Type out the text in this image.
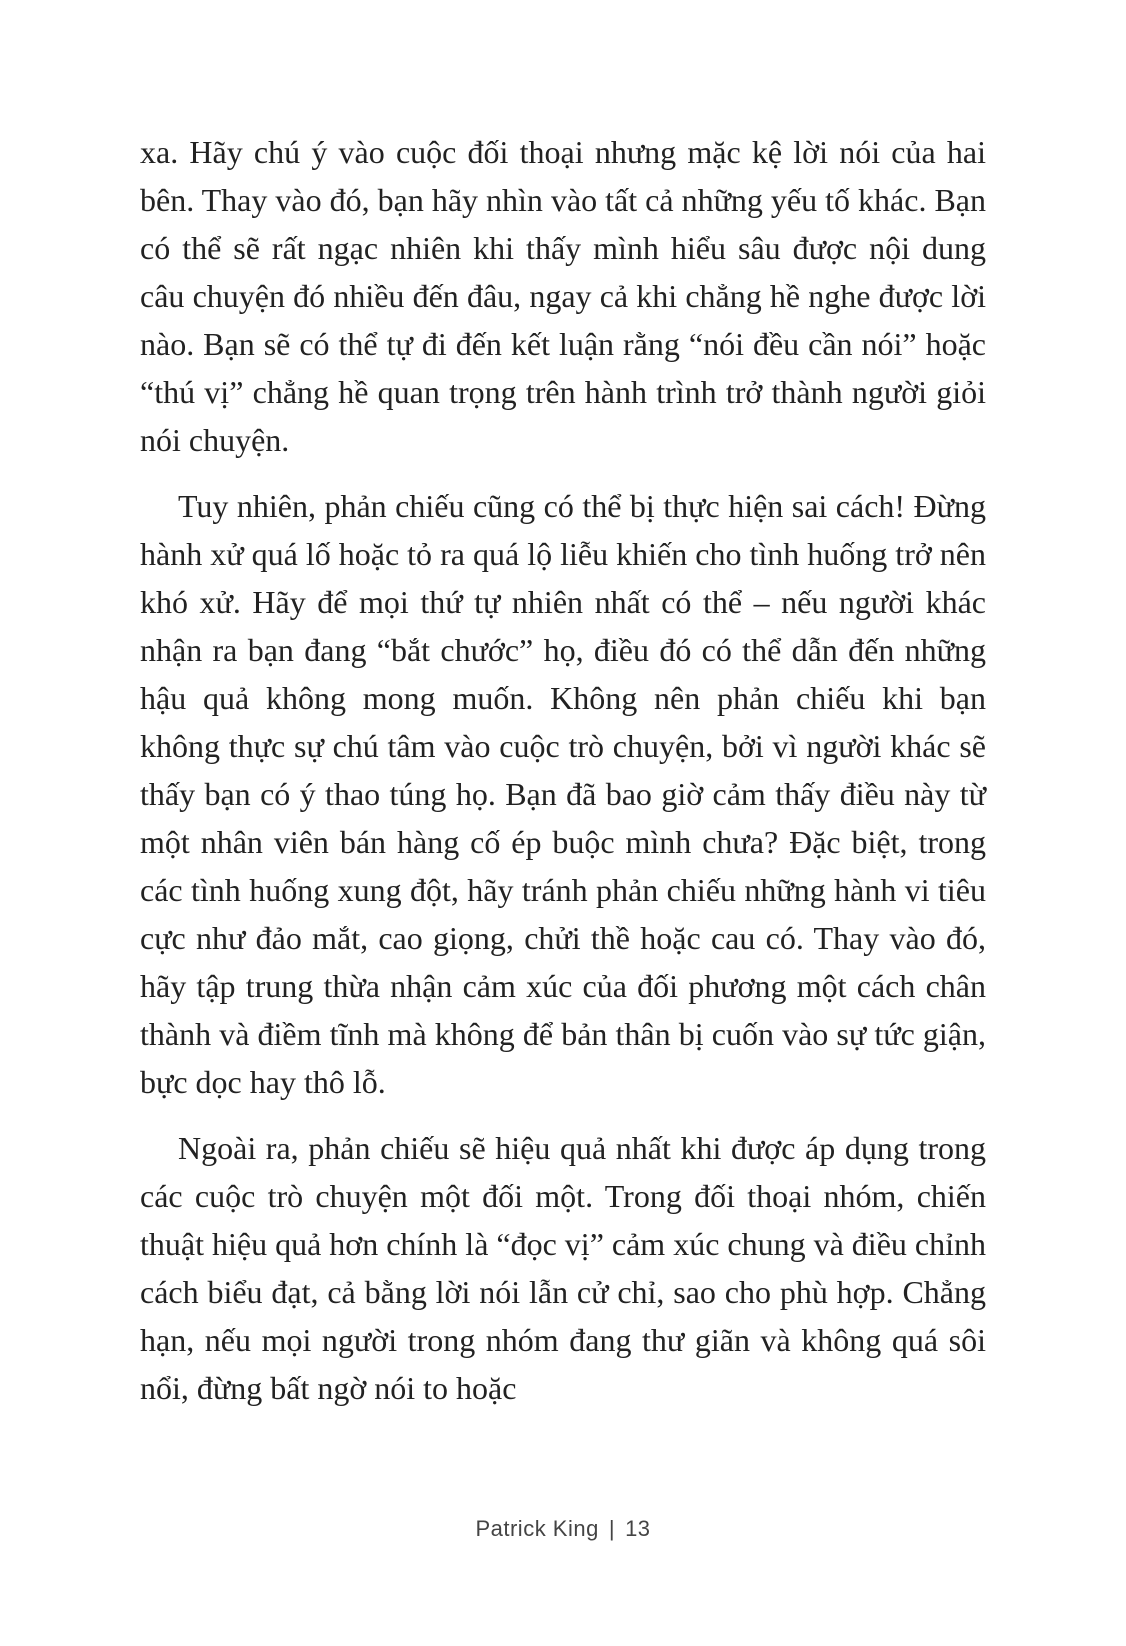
xa. Hãy chú ý vào cuộc đối thoại nhưng mặc kệ lời nói của hai bên. Thay vào đó, bạn hãy nhìn vào tất cả những yếu tố khác. Bạn có thể sẽ rất ngạc nhiên khi thấy mình hiểu sâu được nội dung câu chuyện đó nhiều đến đâu, ngay cả khi chẳng hề nghe được lời nào. Bạn sẽ có thể tự đi đến kết luận rằng “nói đều cần nói” hoặc “thú vị” chẳng hề quan trọng trên hành trình trở thành người giỏi nói chuyện.

Tuy nhiên, phản chiếu cũng có thể bị thực hiện sai cách! Đừng hành xử quá lố hoặc tỏ ra quá lộ liễu khiến cho tình huống trở nên khó xử. Hãy để mọi thứ tự nhiên nhất có thể – nếu người khác nhận ra bạn đang “bắt chước” họ, điều đó có thể dẫn đến những hậu quả không mong muốn. Không nên phản chiếu khi bạn không thực sự chú tâm vào cuộc trò chuyện, bởi vì người khác sẽ thấy bạn có ý thao túng họ. Bạn đã bao giờ cảm thấy điều này từ một nhân viên bán hàng cố ép buộc mình chưa? Đặc biệt, trong các tình huống xung đột, hãy tránh phản chiếu những hành vi tiêu cực như đảo mắt, cao giọng, chửi thề hoặc cau có. Thay vào đó, hãy tập trung thừa nhận cảm xúc của đối phương một cách chân thành và điềm tĩnh mà không để bản thân bị cuốn vào sự tức giận, bực dọc hay thô lỗ.

Ngoài ra, phản chiếu sẽ hiệu quả nhất khi được áp dụng trong các cuộc trò chuyện một đối một. Trong đối thoại nhóm, chiến thuật hiệu quả hơn chính là “đọc vị” cảm xúc chung và điều chỉnh cách biểu đạt, cả bằng lời nói lẫn cử chỉ, sao cho phù hợp. Chẳng hạn, nếu mọi người trong nhóm đang thư giãn và không quá sôi nổi, đừng bất ngờ nói to hoặc

Patrick King | 13
